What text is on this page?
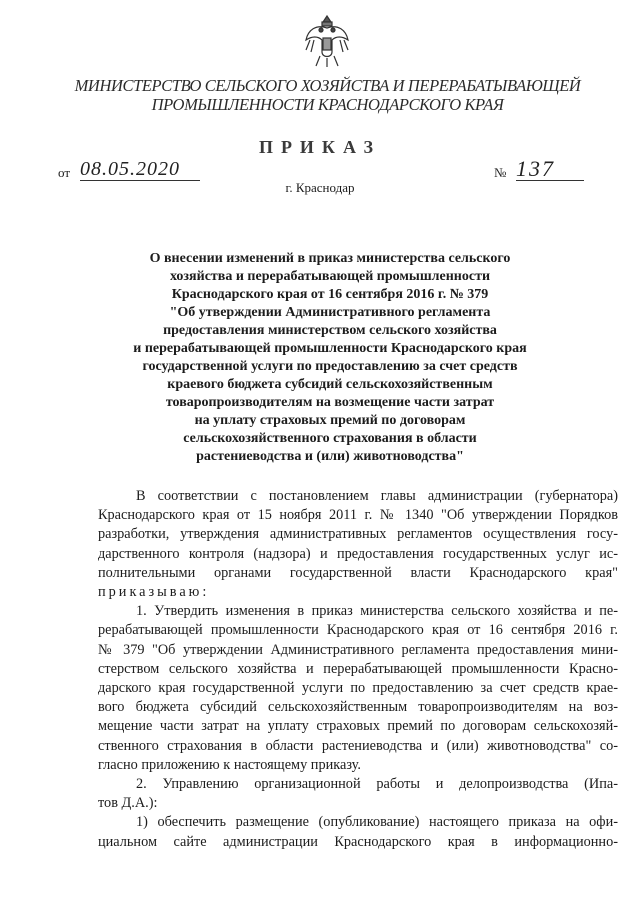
МИНИСТЕРСТВО СЕЛЬСКОГО ХОЗЯЙСТВА И ПЕРЕРАБАТЫВАЮЩЕЙ
ПРОМЫШЛЕННОСТИ КРАСНОДАРСКОГО КРАЯ
ПРИКАЗ
от 08.05.2020	№ 137
г. Краснодар
О внесении изменений в приказ министерства сельского
хозяйства и перерабатывающей промышленности
Краснодарского края от 16 сентября 2016 г. № 379
"Об утверждении Административного регламента
предоставления министерством сельского хозяйства
и перерабатывающей промышленности Краснодарского края
государственной услуги по предоставлению за счет средств
краевого бюджета субсидий сельскохозяйственным
товаропроизводителям на возмещение части затрат
на уплату страховых премий по договорам
сельскохозяйственного страхования в области
растениеводства и (или) животноводства"
В соответствии с постановлением главы администрации (губернатора)
Краснодарского края от 15 ноября 2011 г. № 1340 "Об утверждении Порядков
разработки, утверждения административных регламентов осуществления госу-
дарственного контроля (надзора) и предоставления государственных услуг ис-
полнительными органами государственной власти Краснодарского края"
приказываю:
1. Утвердить изменения в приказ министерства сельского хозяйства и пе-
рерабатывающей промышленности Краснодарского края от 16 сентября 2016 г.
№ 379 "Об утверждении Административного регламента предоставления мини-
стерством сельского хозяйства и перерабатывающей промышленности Красно-
дарского края государственной услуги по предоставлению за счет средств крае-
вого бюджета субсидий сельскохозяйственным товаропроизводителям на воз-
мещение части затрат на уплату страховых премий по договорам сельскохозяй-
ственного страхования в области растениеводства и (или) животноводства" со-
гласно приложению к настоящему приказу.
2. Управлению организационной работы и делопроизводства (Ипа-
тов Д.А.):
1) обеспечить размещение (опубликование) настоящего приказа на офи-
циальном сайте администрации Краснодарского края в информационно-
